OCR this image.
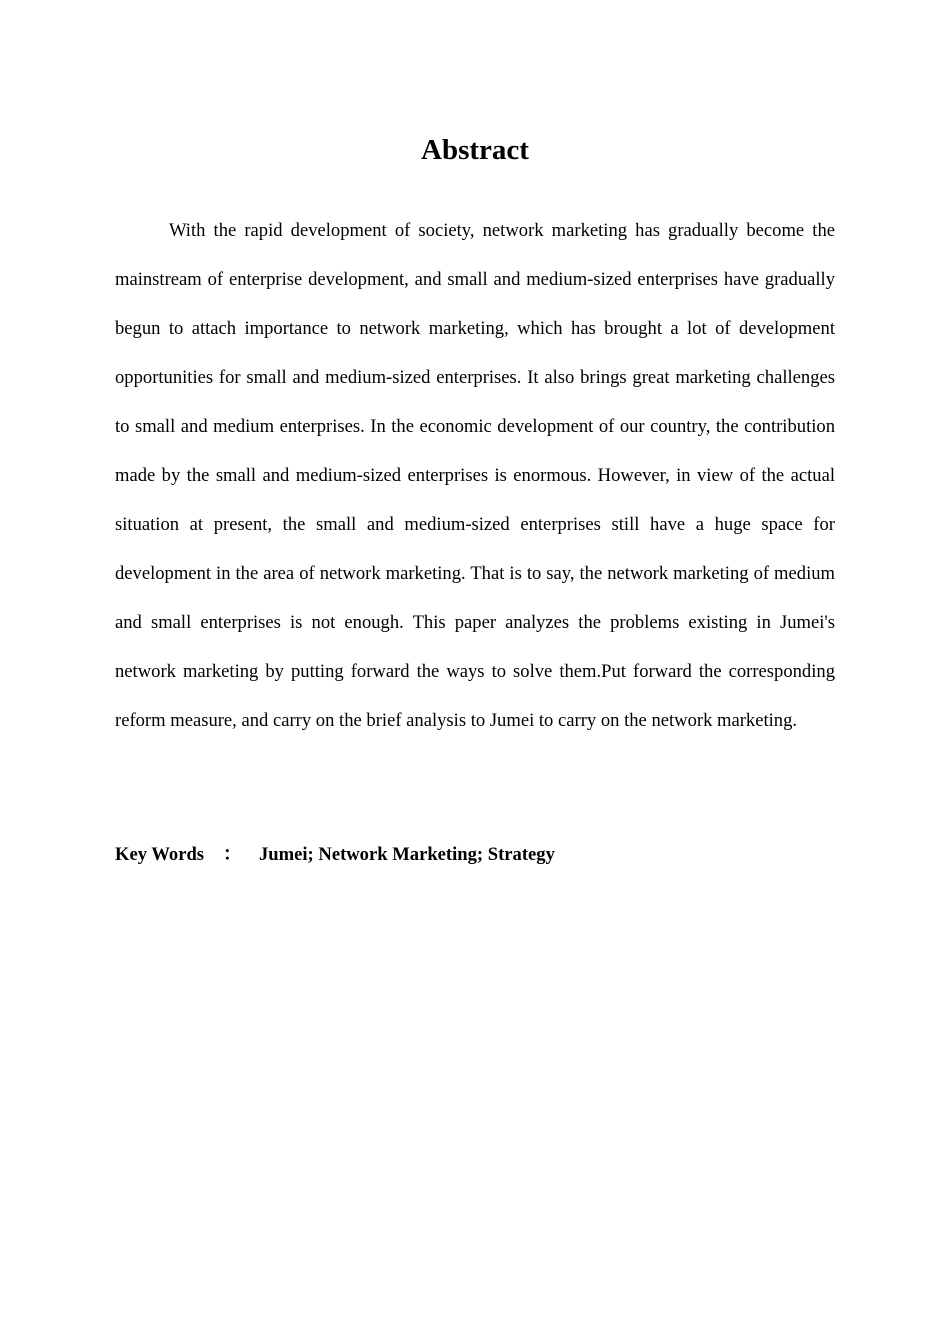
Abstract

With the rapid development of society, network marketing has gradually become the mainstream of enterprise development, and small and medium-sized enterprises have gradually begun to attach importance to network marketing, which has brought a lot of development opportunities for small and medium-sized enterprises. It also brings great marketing challenges to small and medium enterprises. In the economic development of our country, the contribution made by the small and medium-sized enterprises is enormous. However, in view of the actual situation at present, the small and medium-sized enterprises still have a huge space for development in the area of network marketing. That is to say, the network marketing of medium and small enterprises is not enough. This paper analyzes the problems existing in Jumei's network marketing by putting forward the ways to solve them.Put forward the corresponding reform measure, and carry on the brief analysis to Jumei to carry on the network marketing.

Key Words ： Jumei; Network Marketing; Strategy
